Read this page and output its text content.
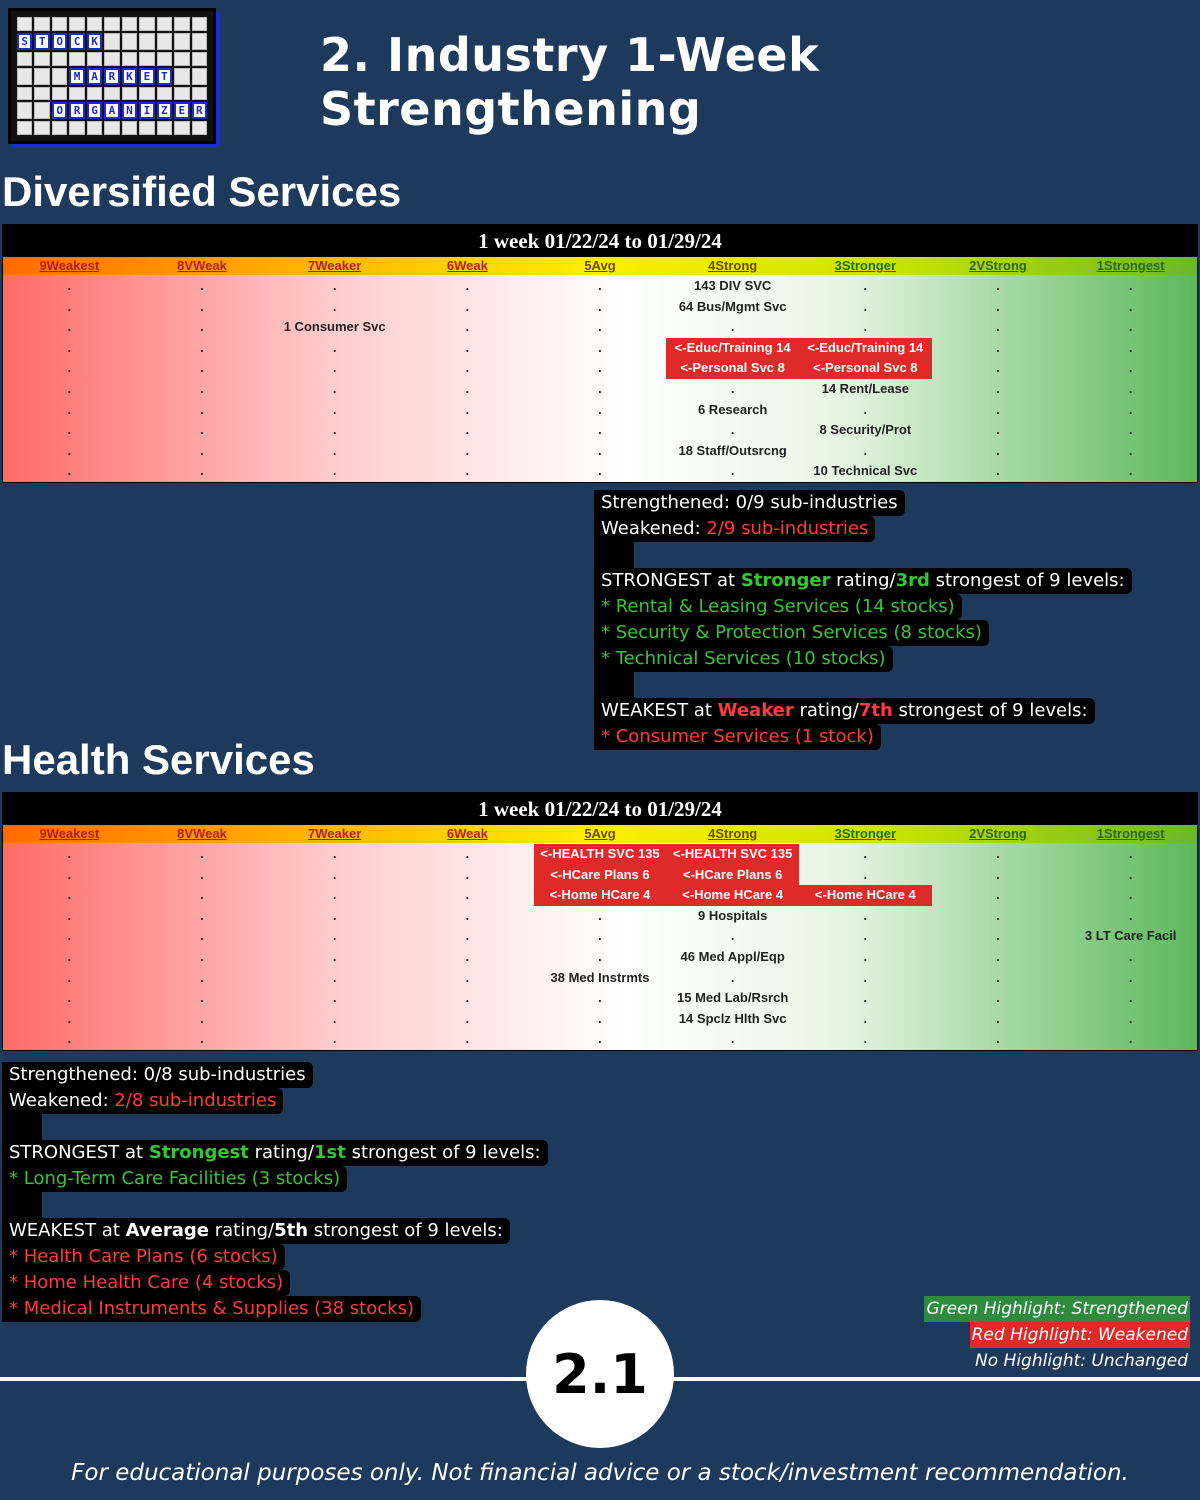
S T O C K
M A R K E T
O R G A N I Z E R
2. Industry 1-Week Strengthening
Diversified Services
1 week 01/22/24 to 01/29/24
9Weakest	8VWeak	7Weaker	6Weak	5Avg	4Strong	3Stronger	2VStrong	1Strongest
.	.	.	.	.	143 DIV SVC	.	.	.
.	.	.	.	.	64 Bus/Mgmt Svc	.	.	.
.	.	1 Consumer Svc	.	.	.	.	.	.
.	.	.	.	.	<-Educ/Training 14	<-Educ/Training 14	.	.
.	.	.	.	.	<-Personal Svc 8	<-Personal Svc 8	.	.
.	.	.	.	.	.	14 Rent/Lease	.	.
.	.	.	.	.	6 Research	.	.	.
.	.	.	.	.	.	8 Security/Prot	.	.
.	.	.	.	.	18 Staff/Outsrcng	.	.	.
.	.	.	.	.	.	10 Technical Svc	.	.
Strengthened: 0/9 sub-industries
Weakened: 2/9 sub-industries
STRONGEST at Stronger rating/3rd strongest of 9 levels:
* Rental & Leasing Services (14 stocks)
* Security & Protection Services (8 stocks)
* Technical Services (10 stocks)
WEAKEST at Weaker rating/7th strongest of 9 levels:
* Consumer Services (1 stock)
Health Services
1 week 01/22/24 to 01/29/24
9Weakest	8VWeak	7Weaker	6Weak	5Avg	4Strong	3Stronger	2VStrong	1Strongest
.	.	.	.	<-HEALTH SVC 135	<-HEALTH SVC 135	.	.	.
.	.	.	.	<-HCare Plans 6	<-HCare Plans 6	.	.	.
.	.	.	.	<-Home HCare 4	<-Home HCare 4	<-Home HCare 4	.	.
.	.	.	.	.	9 Hospitals	.	.	.
.	.	.	.	.	.	.	.	3 LT Care Facil
.	.	.	.	.	46 Med Appl/Eqp	.	.	.
.	.	.	.	38 Med Instrmts	.	.	.	.
.	.	.	.	.	15 Med Lab/Rsrch	.	.	.
.	.	.	.	.	14 Spclz Hlth Svc	.	.	.
.	.	.	.	.	.	.	.	.
Strengthened: 0/8 sub-industries
Weakened: 2/8 sub-industries
STRONGEST at Strongest rating/1st strongest of 9 levels:
* Long-Term Care Facilities (3 stocks)
WEAKEST at Average rating/5th strongest of 9 levels:
* Health Care Plans (6 stocks)
* Home Health Care (4 stocks)
* Medical Instruments & Supplies (38 stocks)	Green Highlight: Strengthened
Red Highlight: Weakened
No Highlight: Unchanged
2.1
For educational purposes only. Not financial advice or a stock/investment recommendation.
